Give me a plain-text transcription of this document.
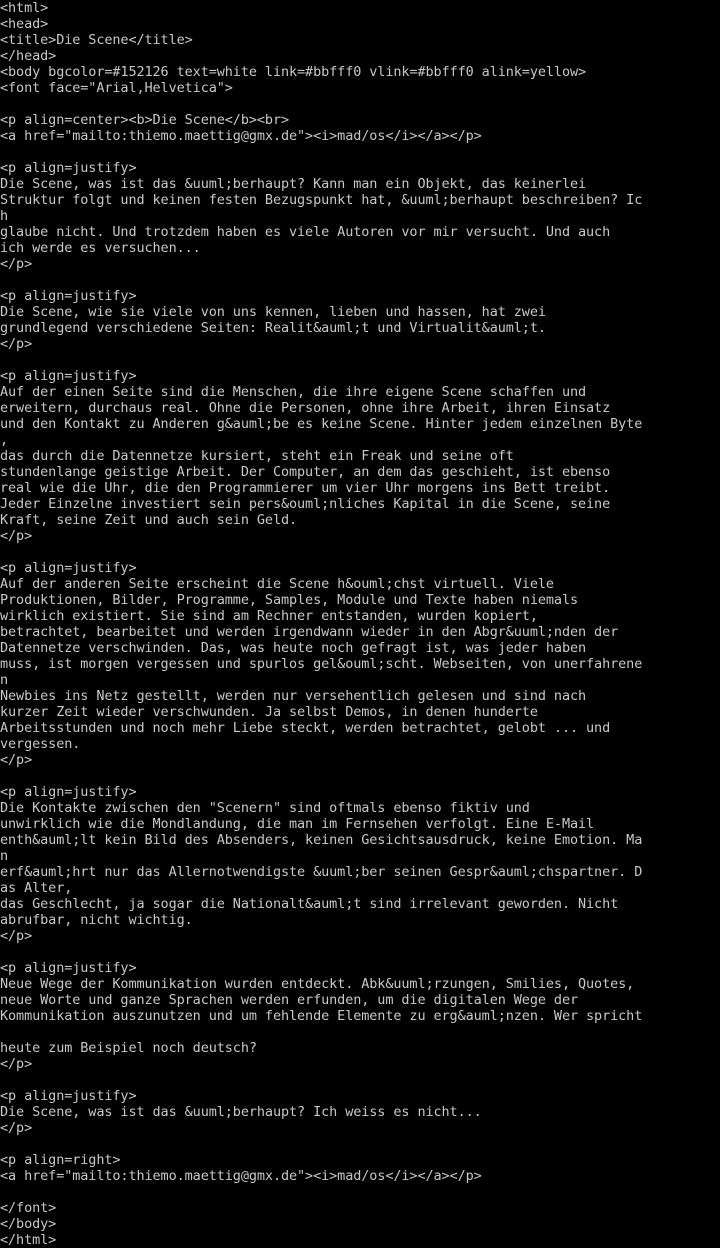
<html>
<head>
<title>Die Scene</title>
</head>
<body bgcolor=#152126 text=white link=#bbfff0 vlink=#bbfff0 alink=yellow>
<font face="Arial,Helvetica">
<p align=center><b>Die Scene</b><br>
<a href="mailto:thiemo.maettig@gmx.de"><i>mad/os</i></a></p>
<p align=justify>
Die Scene, was ist das &uuml;berhaupt? Kann man ein Objekt, das keinerlei
Struktur folgt und keinen festen Bezugspunkt hat, &uuml;berhaupt beschreiben? Ic
h
glaube nicht. Und trotzdem haben es viele Autoren vor mir versucht. Und auch
ich werde es versuchen...
</p>
<p align=justify>
Die Scene, wie sie viele von uns kennen, lieben und hassen, hat zwei
grundlegend verschiedene Seiten: Realit&auml;t und Virtualit&auml;t.
</p>
<p align=justify>
Auf der einen Seite sind die Menschen, die ihre eigene Scene schaffen und
erweitern, durchaus real. Ohne die Personen, ohne ihre Arbeit, ihren Einsatz
und den Kontakt zu Anderen g&auml;be es keine Scene. Hinter jedem einzelnen Byte
,
das durch die Datennetze kursiert, steht ein Freak und seine oft
stundenlange geistige Arbeit. Der Computer, an dem das geschieht, ist ebenso
real wie die Uhr, die den Programmierer um vier Uhr morgens ins Bett treibt.
Jeder Einzelne investiert sein pers&ouml;nliches Kapital in die Scene, seine
Kraft, seine Zeit und auch sein Geld.
</p>
<p align=justify>
Auf der anderen Seite erscheint die Scene h&ouml;chst virtuell. Viele
Produktionen, Bilder, Programme, Samples, Module und Texte haben niemals
wirklich existiert. Sie sind am Rechner entstanden, wurden kopiert,
betrachtet, bearbeitet und werden irgendwann wieder in den Abgr&uuml;nden der
Datennetze verschwinden. Das, was heute noch gefragt ist, was jeder haben
muss, ist morgen vergessen und spurlos gel&ouml;scht. Webseiten, von unerfahrene
n
Newbies ins Netz gestellt, werden nur versehentlich gelesen und sind nach
kurzer Zeit wieder verschwunden. Ja selbst Demos, in denen hunderte
Arbeitsstunden und noch mehr Liebe steckt, werden betrachtet, gelobt ... und
vergessen.
</p>
<p align=justify>
Die Kontakte zwischen den "Scenern" sind oftmals ebenso fiktiv und
unwirklich wie die Mondlandung, die man im Fernsehen verfolgt. Eine E-Mail
enth&auml;lt kein Bild des Absenders, keinen Gesichtsausdruck, keine Emotion. Ma
n
erf&auml;hrt nur das Allernotwendigste &uuml;ber seinen Gespr&auml;chspartner. D
as Alter,
das Geschlecht, ja sogar die Nationalt&auml;t sind irrelevant geworden. Nicht
abrufbar, nicht wichtig.
</p>
<p align=justify>
Neue Wege der Kommunikation wurden entdeckt. Abk&uuml;rzungen, Smilies, Quotes,
neue Worte und ganze Sprachen werden erfunden, um die digitalen Wege der
Kommunikation auszunutzen und um fehlende Elemente zu erg&auml;nzen. Wer spricht
heute zum Beispiel noch deutsch?
</p>
<p align=justify>
Die Scene, was ist das &uuml;berhaupt? Ich weiss es nicht...
</p>
<p align=right>
<a href="mailto:thiemo.maettig@gmx.de"><i>mad/os</i></a></p>
</font>
</body>
</html>
